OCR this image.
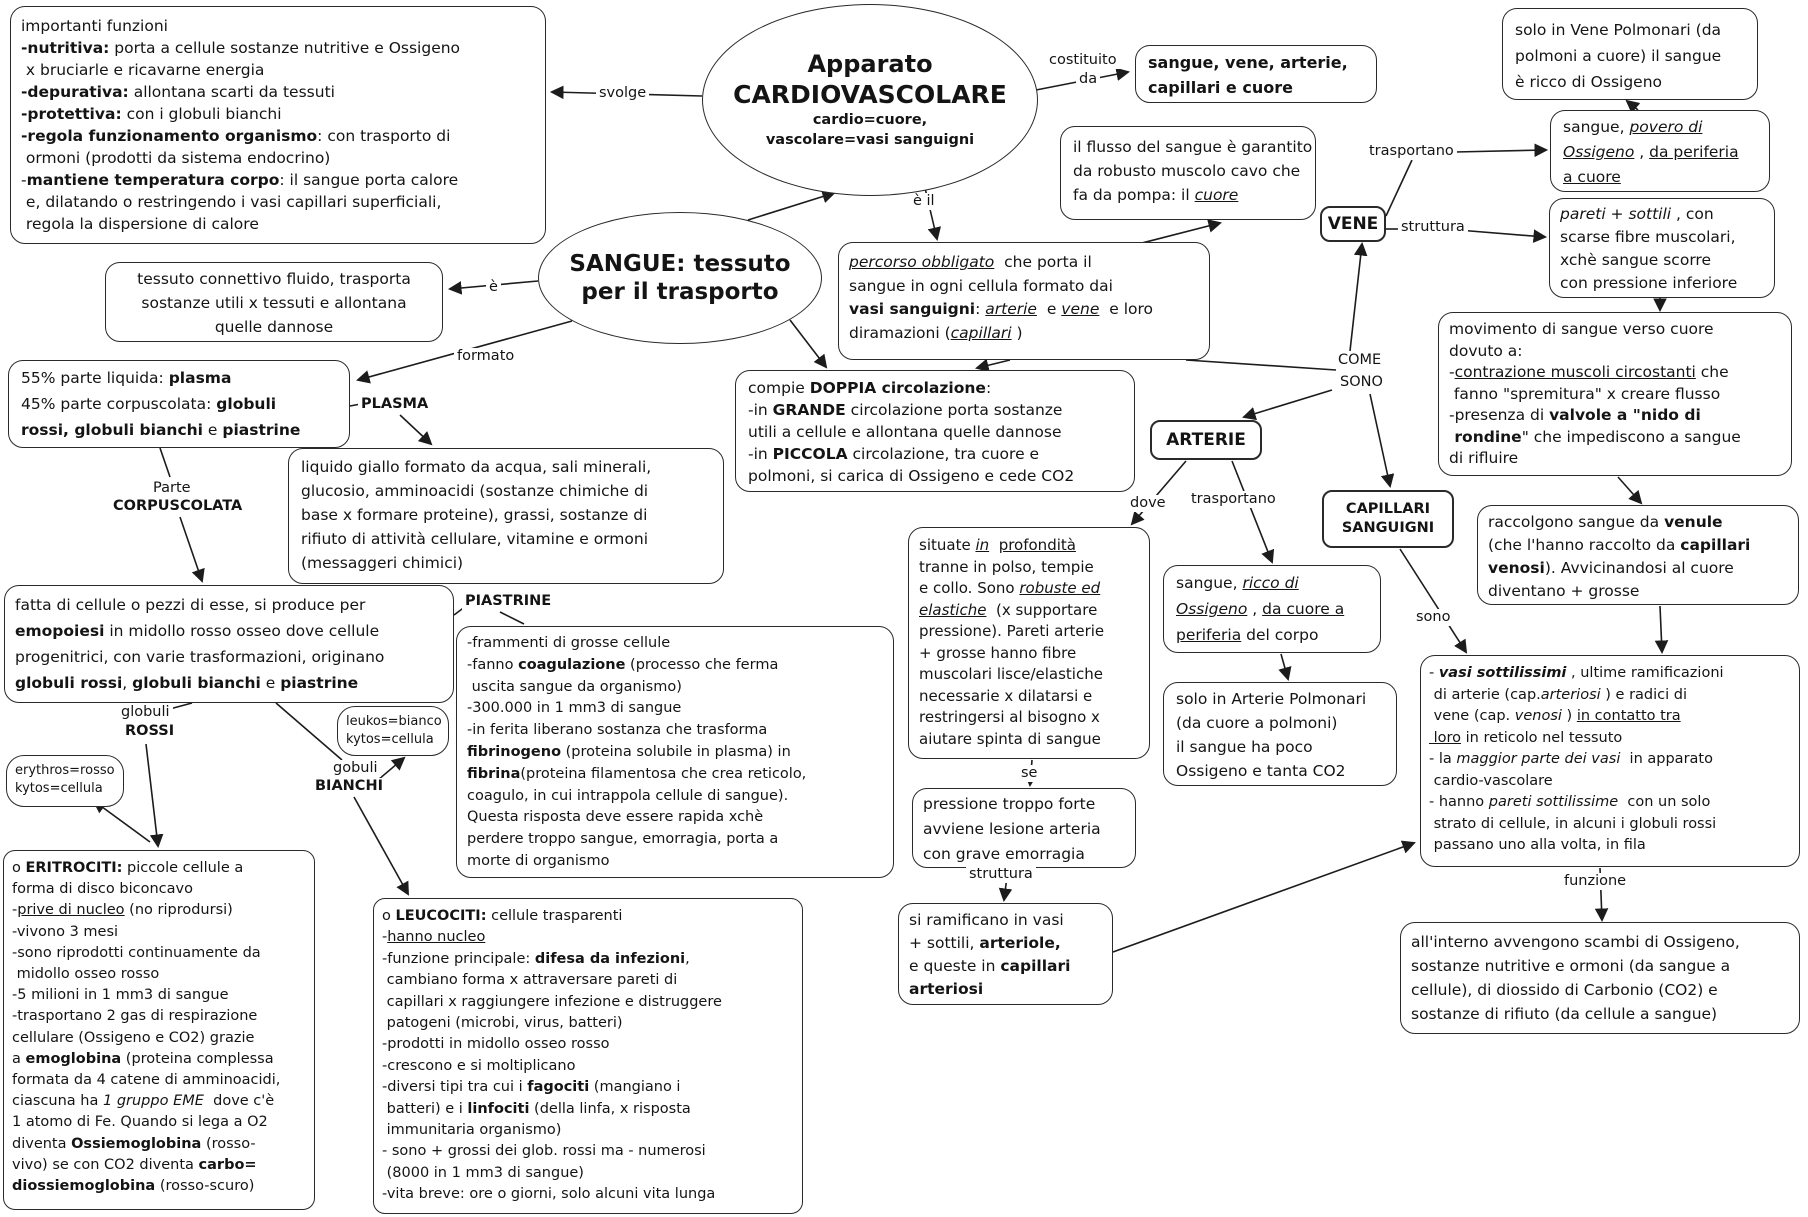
Apparato
CARDIOVASCOLARE
cardio=cuore,
vascolare=vasi sanguigni
SANGUE: tessuto
per il trasporto
importanti funzioni
-nutritiva: porta a cellule sostanze nutritive e Ossigeno
x bruciarle e ricavarne energia
-depurativa: allontana scarti da tessuti
-protettiva: con i globuli bianchi
-regola funzionamento organismo: con trasporto di
ormoni (prodotti da sistema endocrino)
-mantiene temperatura corpo: il sangue porta calore
e, dilatando o restringendo i vasi capillari superficiali,
regola la dispersione di calore
sangue, vene, arterie,
capillari e cuore
il flusso del sangue è garantito
da robusto muscolo cavo che
fa da pompa: il cuore
solo in Vene Polmonari (da
polmoni a cuore) il sangue
è ricco di Ossigeno
sangue, povero di
Ossigeno , da periferia
a cuore
VENE	pareti + sottili , con
scarse fibre muscolari,
xchè sangue scorre
con pressione inferiore
movimento di sangue verso cuore
dovuto a:
-contrazione muscoli circostanti che
fanno "spremitura" x creare flusso
-presenza di valvole a "nido di
rondine" che impediscono a sangue
di rifluire
tessuto connettivo fluido, trasporta
sostanze utili x tessuti e allontana
quelle dannose
percorso obbligato  che porta il
sangue in ogni cellula formato dai
vasi sanguigni: arterie  e vene  e loro
diramazioni (capillari )
55% parte liquida: plasma
45% parte corpuscolata: globuli
rossi, globuli bianchi e piastrine
compie DOPPIA circolazione:
-in GRANDE circolazione porta sostanze
utili a cellule e allontana quelle dannose
-in PICCOLA circolazione, tra cuore e
polmoni, si carica di Ossigeno e cede CO2
liquido giallo formato da acqua, sali minerali,
glucosio, amminoacidi (sostanze chimiche di
base x formare proteine), grassi, sostanze di
rifiuto di attività cellulare, vitamine e ormoni
(messaggeri chimici)
ARTERIE
CAPILLARI
SANGUIGNI
fatta di cellule o pezzi di esse, si produce per
emopoiesi in midollo rosso osseo dove cellule
progenitrici, con varie trasformazioni, originano
globuli rossi, globuli bianchi e piastrine
-frammenti di grosse cellule
-fanno coagulazione (processo che ferma
uscita sangue da organismo)
-300.000 in 1 mm3 di sangue
-in ferita liberano sostanza che trasforma
fibrinogeno (proteina solubile in plasma) in
fibrina(proteina filamentosa che crea reticolo,
coagulo, in cui intrappola cellule di sangue).
Questa risposta deve essere rapida xchè
perdere troppo sangue, emorragia, porta a
morte di organismo
erythros=rosso
kytos=cellula
leukos=bianco
kytos=cellula
situate in profondità
tranne in polso, tempie
e collo. Sono robuste ed
elastiche  (x supportare
pressione). Pareti arterie
+ grosse hanno fibre
muscolari lisce/elastiche
necessarie x dilatarsi e
restringersi al bisogno x
aiutare spinta di sangue
sangue, ricco di
Ossigeno , da cuore a
periferia del corpo
solo in Arterie Polmonari
(da cuore a polmoni)
il sangue ha poco
Ossigeno e tanta CO2
pressione troppo forte
avviene lesione arteria
con grave emorragia
si ramificano in vasi
+ sottili, arteriole,
e queste in capillari
arteriosi
raccolgono sangue da venule
(che l'hanno raccolto da capillari
venosi). Avvicinandosi al cuore
diventano + grosse
- vasi sottilissimi , ultime ramificazioni
di arterie (cap.arteriosi ) e radici di
vene (cap. venosi ) in contatto tra
loro in reticolo nel tessuto
- la maggior parte dei vasi  in apparato
cardio-vascolare
- hanno pareti sottilissime  con un solo
strato di cellule, in alcuni i globuli rossi
passano uno alla volta, in fila
all'interno avvengono scambi di Ossigeno,
sostanze nutritive e ormoni (da sangue a
cellule), di diossido di Carbonio (CO2) e
sostanze di rifiuto (da cellule a sangue)
o ERITROCITI: piccole cellule a
forma di disco biconcavo
-prive di nucleo (no riprodursi)
-vivono 3 mesi
-sono riprodotti continuamente da
midollo osseo rosso
-5 milioni in 1 mm3 di sangue
-trasportano 2 gas di respirazione
cellulare (Ossigeno e CO2) grazie
a emoglobina (proteina complessa
formata da 4 catene di amminoacidi,
ciascuna ha 1 gruppo EME  dove c'è
1 atomo di Fe. Quando si lega a O2
diventa Ossiemoglobina (rosso-
vivo) se con CO2 diventa carbo=
diossiemoglobina (rosso-scuro)
o LEUCOCITI: cellule trasparenti
-hanno nucleo
-funzione principale: difesa da infezioni,
cambiano forma x attraversare pareti di
capillari x raggiungere infezione e distruggere
patogeni (microbi, virus, batteri)
-prodotti in midollo osseo rosso
-crescono e si moltiplicano
-diversi tipi tra cui i fagociti (mangiano i
batteri) e i linfociti (della linfa, x risposta
immunitaria organismo)
- sono + grossi dei glob. rossi ma - numerosi
(8000 in 1 mm3 di sangue)
-vita breve: ore o giorni, solo alcuni vita lunga
svolge
costituito
da
è il
è
formato
PLASMA
Parte
CORPUSCOLATA
PIASTRINE
globuli
ROSSI
gobuli
BIANCHI
COME
SONO
dove trasportano
trasportano
struttura
se
struttura
sono
funzione
